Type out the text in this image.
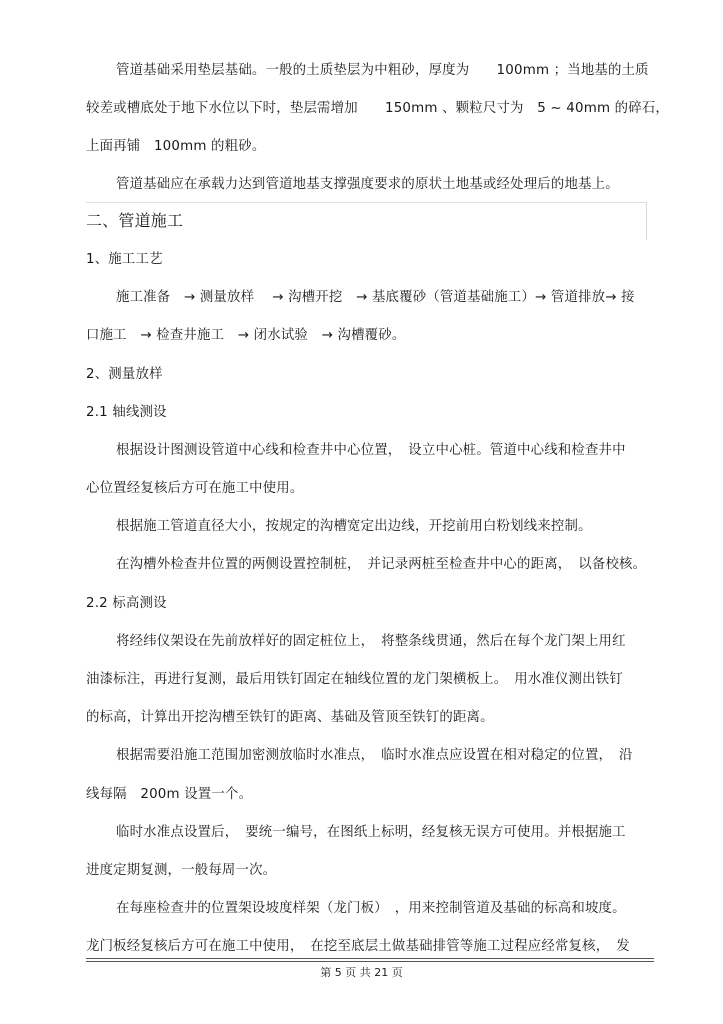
管道基础采用垫层基础。一般的土质垫层为中粗砂，厚度为　　100mm ；当地基的土质
较差或槽底处于地下水位以下时，垫层需增加　　150mm 、颗粒尺寸为　5 ~ 40mm 的碎石，
上面再铺　100mm 的粗砂。
管道基础应在承载力达到管道地基支撑强度要求的原状土地基或经处理后的地基上。
二、管道施工
1、施工工艺
施工准备　→ 测量放样　 → 沟槽开挖　→ 基底覆砂（管道基础施工）→ 管道排放→ 接
口施工　→ 检查井施工　→ 闭水试验　→ 沟槽覆砂。
2、测量放样
2.1 轴线测设
根据设计图测设管道中心线和检查井中心位置，　设立中心桩。管道中心线和检查井中
心位置经复核后方可在施工中使用。
根据施工管道直径大小，按规定的沟槽宽定出边线，开挖前用白粉划线来控制。
在沟槽外检查井位置的两侧设置控制桩，　并记录两桩至检查井中心的距离，　以备校核。
2.2 标高测设
将经纬仪架设在先前放样好的固定桩位上，　将整条线贯通，然后在每个龙门架上用红
油漆标注，再进行复测，最后用铁钉固定在轴线位置的龙门架横板上。　用水准仪测出铁钉
的标高，计算出开挖沟槽至铁钉的距离、基础及管顶至铁钉的距离。
根据需要沿施工范围加密测放临时水准点，　临时水准点应设置在相对稳定的位置，　沿
线每隔　200m 设置一个。
临时水准点设置后，　要统一编号，在图纸上标明，经复核无误方可使用。并根据施工
进度定期复测，一般每周一次。
在每座检查井的位置架设坡度样架（龙门板）　，用来控制管道及基础的标高和坡度。
龙门板经复核后方可在施工中使用，　在挖至底层土做基础排管等施工过程应经常复核，　发
第 5 页 共 21 页
